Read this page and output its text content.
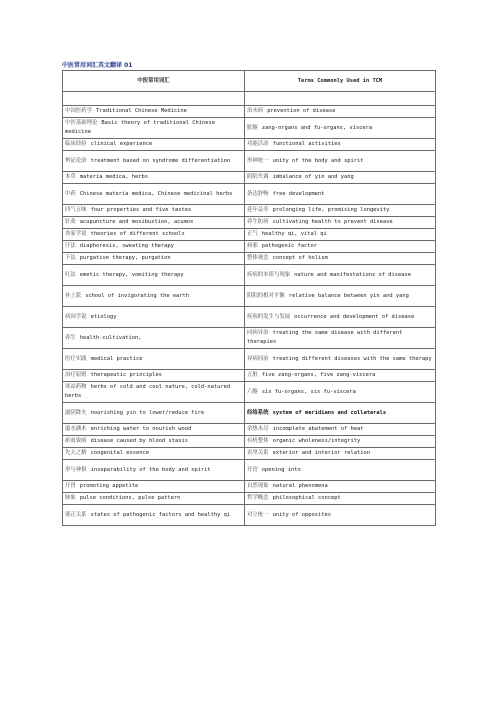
中医常用词汇英文翻译 01
中医常用词汇	Terms Commonly Used in TCM

中国医药学 Traditional Chinese Medicine	治未病 prevention of disease
中医基础理论 Basic theory of traditional Chinese medicine	脏腑 zang-organs and fu-organs, viscera
临床经验 clinical experience	功能活动 functional activities
辨证论治 treatment based on syndrome differentiation	形神统一 unity of the body and spirit
本草 materia medica, herbs	阴阳失调 imbalance of yin and yang
中药 Chinese materia medica, Chinese medicinal herbs	条达舒畅 free development
四气五味 four properties and five tastes	延年益寿 prolonging life, promising longevity
针灸 acupuncture and moxibustion, acumox	养生防病 cultivating health to prevent disease
各家学说 theories of different schools	正气 healthy qi, vital qi
汗法 diaphoresis, sweating therapy	病邪 pathogenic factor
下法 purgative therapy, purgation	整体观念 concept of holism
吐法 emetic therapy, vomiting therapy	疾病的本质与现象 nature and manifestations of disease
补土派 school of invigorating the earth	阴阳的相对平衡 relative balance between yin and yang
病因学说 etiology	疾病的发生与发展 occurrence and development of disease
养生 health-cultivation,	同病异治 treating the same disease with different therapies
医疗实践 medical practice	异病同治 treating different diseases with the same therapy
治疗原则 therapeutic principles	五脏 five zang-organs, five zang-viscera
寒凉药物 herbs of cold and cool nature, cold-natured herbs	六腑 six fu-organs, six fu-viscera
滋阴降火 nourishing yin to lower/reduce fire	经络系统 system of meridians and collaterals
滋水涵木 enriching water to nourish wood	余热未尽 incomplete abatement of heat
瘀血致病 disease caused by blood stasis	有机整体 organic wholeness/integrity
先天之精 congenital essence	表里关系 exterior and interior relation
形与神俱 inseparability of the body and spirit	开窍 opening into
开胃 promoting appetite	自然现象 natural phenomena
脉象 pulse conditions, pulse pattern	哲学概念 philosophical concept
邪正关系 states of pathogenic factors and healthy qi	对立统一 unity of opposites
